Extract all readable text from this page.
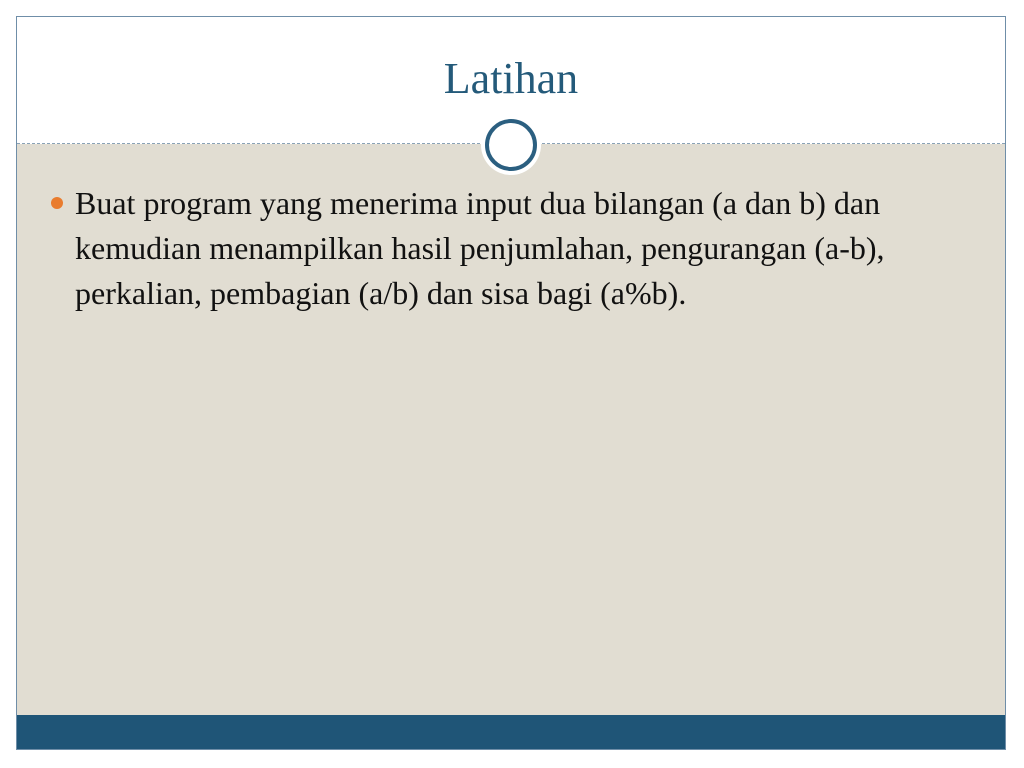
Latihan
Buat program yang menerima input dua bilangan (a dan b) dan kemudian menampilkan hasil penjumlahan, pengurangan (a-b), perkalian, pembagian (a/b) dan sisa bagi (a%b).
